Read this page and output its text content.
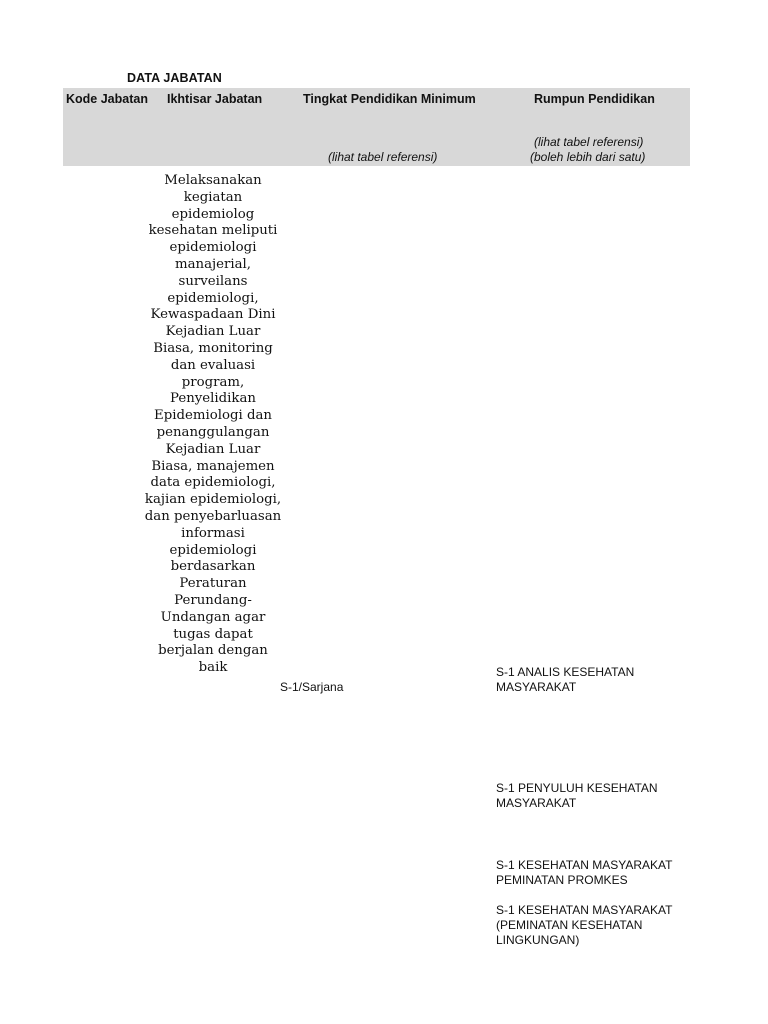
DATA JABATAN
Kode Jabatan Ikhtisar Jabatan	Tingkat Pendidikan Minimum	Rumpun Pendidikan
(lihat tabel referensi)
(lihat tabel referensi)
(boleh lebih dari satu)
Melaksanakan kegiatan epidemiolog kesehatan meliputi epidemiologi manajerial, surveilans epidemiologi, Kewaspadaan Dini Kejadian Luar Biasa, monitoring dan evaluasi program, Penyelidikan Epidemiologi dan penanggulangan Kejadian Luar Biasa, manajemen data epidemiologi, kajian epidemiologi, dan penyebarluasan informasi epidemiologi berdasarkan Peraturan Perundang-Undangan agar tugas dapat berjalan dengan baik
S-1/Sarjana
S-1 ANALIS KESEHATAN MASYARAKAT
S-1 PENYULUH KESEHATAN MASYARAKAT
S-1 KESEHATAN MASYARAKAT PEMINATAN PROMKES
S-1 KESEHATAN MASYARAKAT (PEMINATAN KESEHATAN LINGKUNGAN)
